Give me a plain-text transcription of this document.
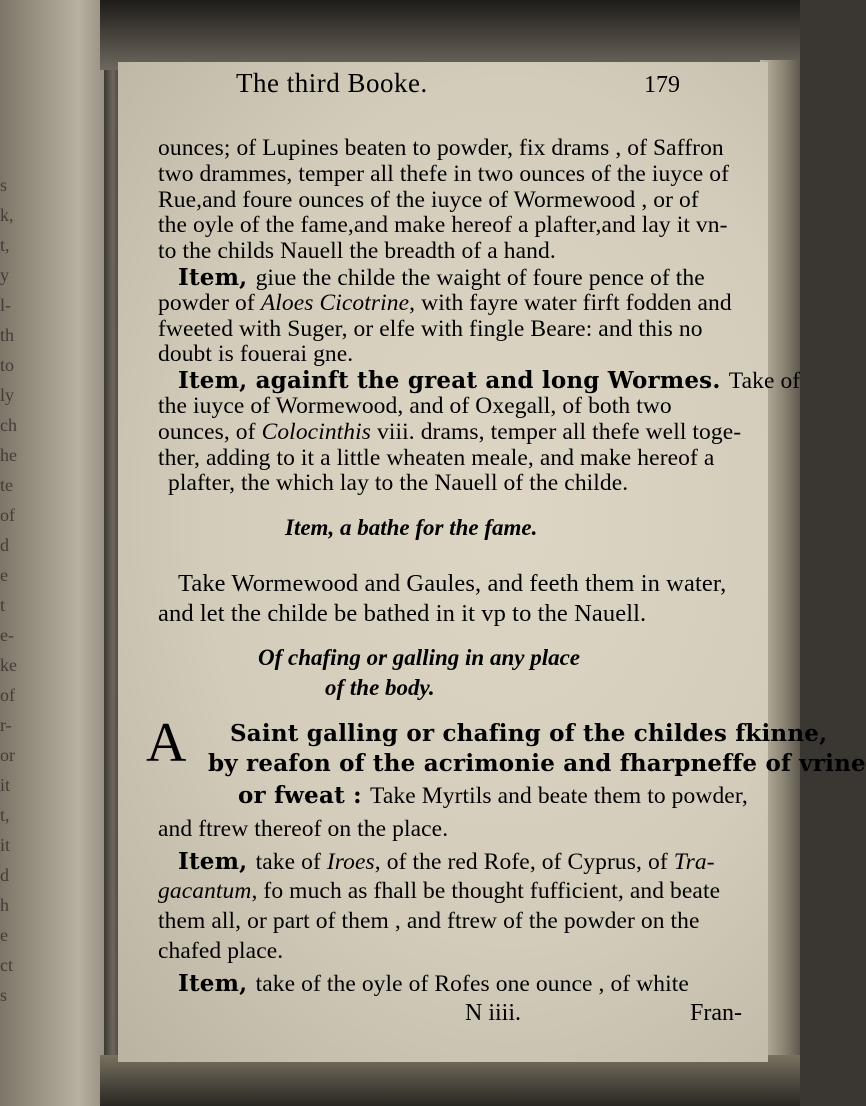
s
k,
t,
y
l-
th
to
ly
ch
he
te
of
d
e
t
e-
ke
of
r-
or
it
t,
it
d
h
e
ct
s
The third Booke.	179
ounces; of Lupines beaten to powder, fix drams , of Saffron
two drammes, temper all thefe in two ounces of the iuyce of
Rue,and foure ounces of the iuyce of Wormewood , or of
the oyle of the fame,and make hereof a plafter,and lay it vn-
to the childs Nauell the breadth of a hand.
Item, giue the childe the waight of foure pence of the
powder of Aloes Cicotrine, with fayre water firft fodden and
fweeted with Suger, or elfe with fingle Beare: and this no
doubt is fouerai gne.
Item, againft the great and long Wormes. Take of
the iuyce of Wormewood, and of Oxegall, of both two
ounces, of Colocinthis viii. drams, temper all thefe well toge-
ther, adding to it a little wheaten meale, and make hereof a
plafter, the which lay to the Nauell of the childe.
Item, a bathe for the fame.
Take Wormewood and Gaules, and feeth them in water,
and let the childe be bathed in it vp to the Nauell.
Of chafing or galling in any place
of the body.
A Saint galling or chafing of the childes fkinne,
by reafon of the acrimonie and fharpneffe of vrine
or fweat : Take Myrtils and beate them to powder,
and ftrew thereof on the place.
Item, take of Iroes, of the red Rofe, of Cyprus, of Tra-
gacantum, fo much as fhall be thought fufficient, and beate
them all, or part of them , and ftrew of the powder on the
chafed place.
Item, take of the oyle of Rofes one ounce , of white
N iiii.	Fran-
